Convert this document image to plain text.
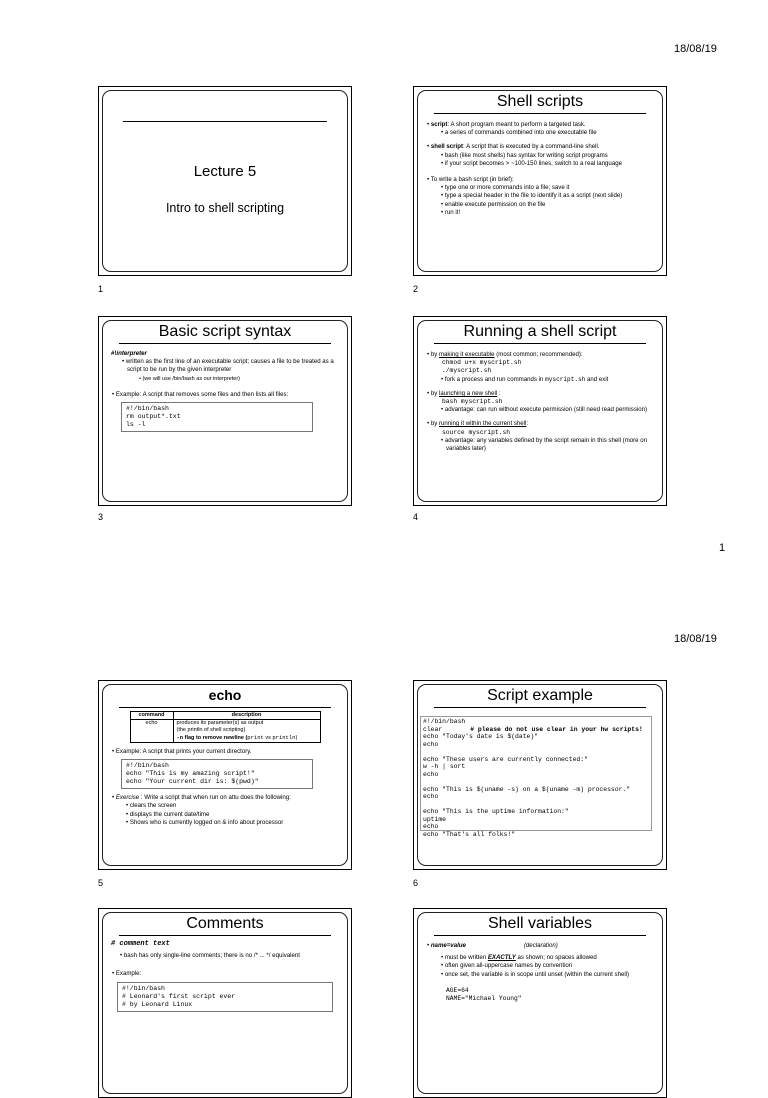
18/08/19
Lecture 5
Intro to shell scripting
1
Shell scripts
• script: A short program meant to perform a targeted task.
• a series of commands combined into one executable file
• shell script: A script that is executed by a command-line shell.
• bash (like most shells) has syntax for writing script programs
• if your script becomes > ~100-150 lines, switch to a real language
• To write a bash script (in brief):
• type one or more commands into a file; save it
• type a special header in the file to identify it as a script (next slide)
• enable execute permission on the file
• run it!
2
Basic script syntax
#!interpreter
• written as the first line of an executable script; causes a file to be treated as a script to be run by the given interpreter
• (we will use /bin/bash as our interpreter)
• Example: A script that removes some files and then lists all files:
#!/bin/bash
rm output*.txt
ls -l
3
Running a shell script
• by making it executable (most common; recommended):
chmod u+x myscript.sh
./myscript.sh
• fork a process and run commands in myscript.sh and exit
• by launching a new shell :
bash myscript.sh
• advantage: can run without execute permission (still need read permission)
• by running it within the current shell:
source myscript.sh
• advantage: any variables defined by the script remain in this shell (more on variables later)
4
1
18/08/19
echo
command	description
echo	produces its parameter(s) as output
(the println of shell scripting)
-n flag to remove newline (print vs println)
• Example: A script that prints your current directory.
#!/bin/bash
echo "This is my amazing script!"
echo "Your current dir is: $(pwd)"
• Exercise : Write a script that when run on attu does the following:
• clears the screen
• displays the current date/time
• Shows who is currently logged on & info about processor
5
Script example
#!/bin/bash
clear	# please do not use clear in your hw scripts!
echo "Today's date is $(date)"
echo
echo "These users are currently connected:"
w -h | sort
echo
echo "This is $(uname -s) on a $(uname -m) processor."
echo
echo "This is the uptime information:"
uptime
echo
echo "That's all folks!"
6
Comments
# comment text
• bash has only single-line comments; there is no /* ... */ equivalent
• Example:
#!/bin/bash
# Leonard's first script ever
# by Leonard Linux
Shell variables
• name=value	(declaration)
• must be written EXACTLY as shown; no spaces allowed
• often given all-uppercase names by convention
• once set, the variable is in scope until unset (within the current shell)
AGE=64
NAME="Michael Young"
